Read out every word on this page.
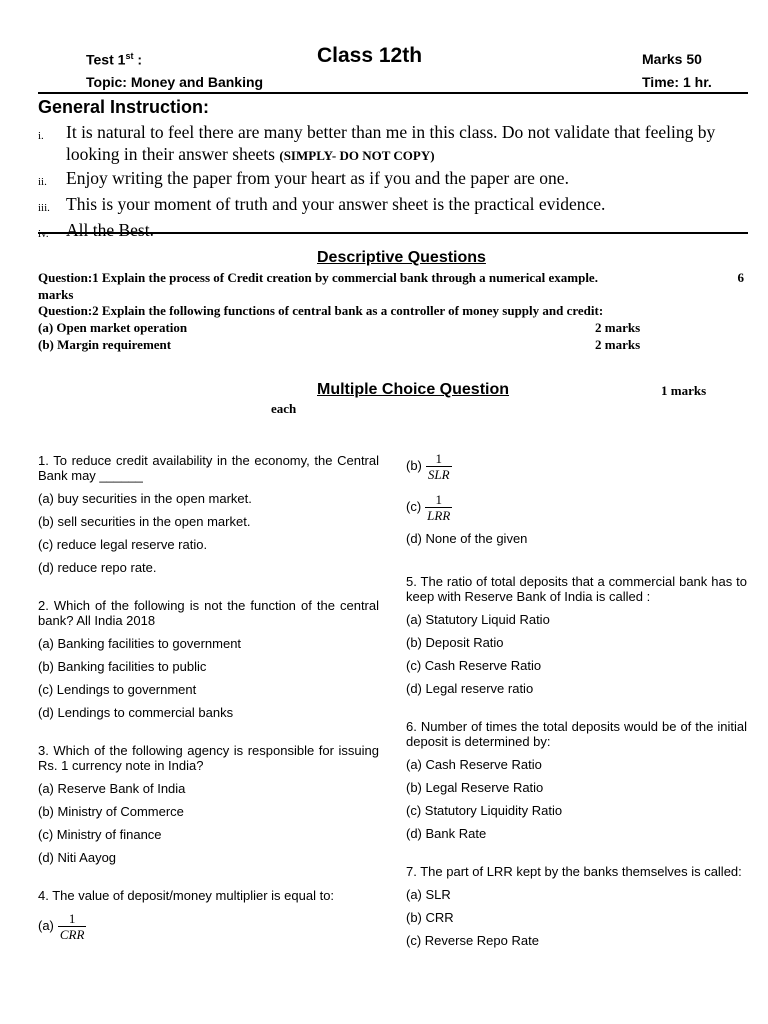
Test 1st :	Class 12th	Marks 50
Topic: Money and Banking	Time: 1 hr.
General Instruction:
i. It is natural to feel there are many better than me in this class. Do not validate that feeling by looking in their answer sheets (SIMPLY- DO NOT COPY)
ii. Enjoy writing the paper from your heart as if you and the paper are one.
iii. This is your moment of truth and your answer sheet is the practical evidence.
iv. All the Best.
Descriptive Questions
Question:1 Explain the process of Credit creation by commercial bank through a numerical example.	6
marks
Question:2 Explain the following functions of central bank as a controller of money supply and credit:
(a) Open market operation	2 marks
(b) Margin requirement	2 marks
Multiple Choice Question	1 marks
each
1. To reduce credit availability in the economy, the Central Bank may ______
(a) buy securities in the open market.
(b) sell securities in the open market.
(c) reduce legal reserve ratio.
(d) reduce repo rate.
2. Which of the following is not the function of the central bank? All India 2018
(a) Banking facilities to government
(b) Banking facilities to public
(c) Lendings to government
(d) Lendings to commercial banks
3. Which of the following agency is responsible for issuing Rs. 1 currency note in India?
(a) Reserve Bank of India
(b) Ministry of Commerce
(c) Ministry of finance
(d) Niti Aayog
4. The value of deposit/money multiplier is equal to:
$(a) \frac{1}{\text{CRR}}$
$(b) \frac{1}{\text{SLR}}$
$(c) \frac{1}{\text{LRR}}$
(d) None of the given
5. The ratio of total deposits that a commercial bank has to keep with Reserve Bank of India is called :
(a) Statutory Liquid Ratio
(b) Deposit Ratio
(c) Cash Reserve Ratio
(d) Legal reserve ratio
6. Number of times the total deposits would be of the initial deposit is determined by:
(a) Cash Reserve Ratio
(b) Legal Reserve Ratio
(c) Statutory Liquidity Ratio
(d) Bank Rate
7. The part of LRR kept by the banks themselves is called:
(a) SLR
(b) CRR
(c) Reverse Repo Rate
